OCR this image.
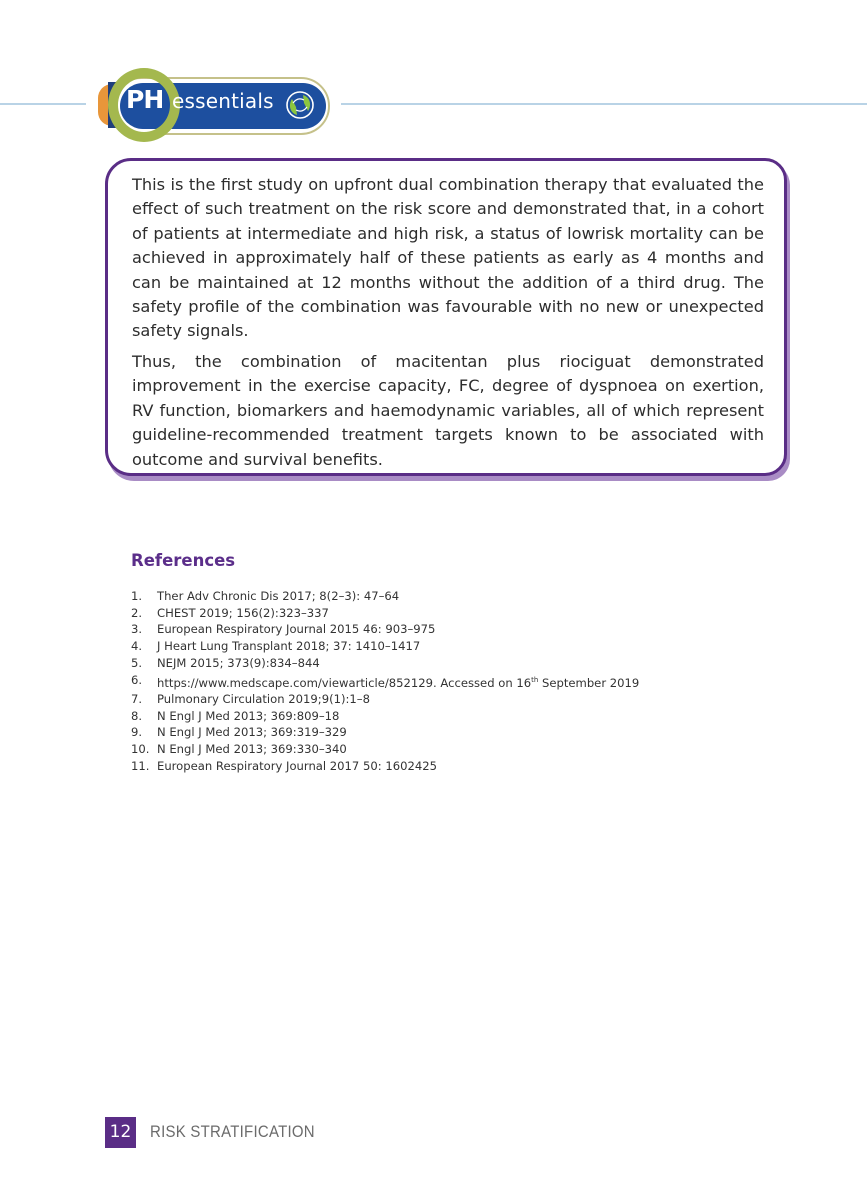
PH essentials

This is the first study on upfront dual combination therapy that evaluated the effect of such treatment on the risk score and demonstrated that, in a cohort of patients at intermediate and high risk, a status of lowrisk mortality can be achieved in approximately half of these patients as early as 4 months and can be maintained at 12 months without the addition of a third drug. The safety profile of the combination was favourable with no new or unexpected safety signals.

Thus, the combination of macitentan plus riociguat demonstrated improvement in the exercise capacity, FC, degree of dyspnoea on exertion, RV function, biomarkers and haemodynamic variables, all of which represent guideline-recommended treatment targets known to be associated with outcome and survival benefits.

References
1.	Ther Adv Chronic Dis 2017; 8(2–3): 47–64
2.	CHEST 2019; 156(2):323–337
3.	European Respiratory Journal 2015 46: 903–975
4.	J Heart Lung Transplant 2018; 37: 1410–1417
5.	NEJM 2015; 373(9):834–844
6.	https://www.medscape.com/viewarticle/852129. Accessed on 16th September 2019
7.	Pulmonary Circulation 2019;9(1):1–8
8.	N Engl J Med 2013; 369:809–18
9.	N Engl J Med 2013; 369:319–329
10. N Engl J Med 2013; 369:330–340
11. European Respiratory Journal 2017 50: 1602425
12 RISK STRATIFICATION
